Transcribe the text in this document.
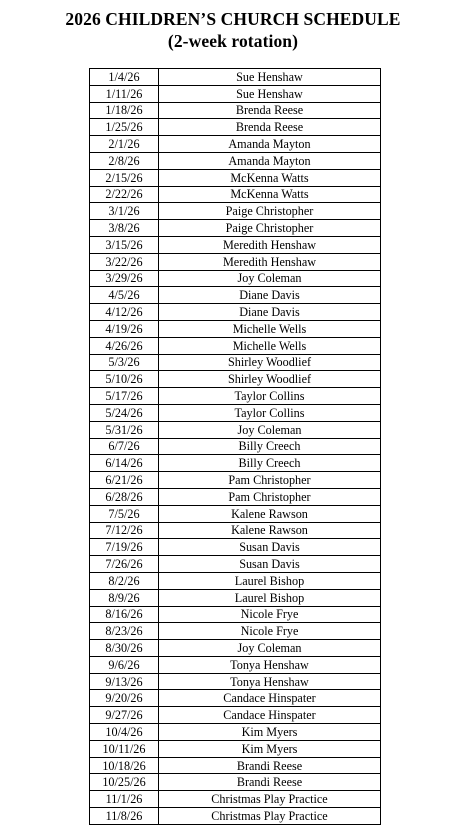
2026 CHILDREN’S CHURCH SCHEDULE
(2-week rotation)
1/4/26	Sue Henshaw
1/11/26	Sue Henshaw
1/18/26	Brenda Reese
1/25/26	Brenda Reese
2/1/26	Amanda Mayton
2/8/26	Amanda Mayton
2/15/26	McKenna Watts
2/22/26	McKenna Watts
3/1/26	Paige Christopher
3/8/26	Paige Christopher
3/15/26	Meredith Henshaw
3/22/26	Meredith Henshaw
3/29/26	Joy Coleman
4/5/26	Diane Davis
4/12/26	Diane Davis
4/19/26	Michelle Wells
4/26/26	Michelle Wells
5/3/26	Shirley Woodlief
5/10/26	Shirley Woodlief
5/17/26	Taylor Collins
5/24/26	Taylor Collins
5/31/26	Joy Coleman
6/7/26	Billy Creech
6/14/26	Billy Creech
6/21/26	Pam Christopher
6/28/26	Pam Christopher
7/5/26	Kalene Rawson
7/12/26	Kalene Rawson
7/19/26	Susan Davis
7/26/26	Susan Davis
8/2/26	Laurel Bishop
8/9/26	Laurel Bishop
8/16/26	Nicole Frye
8/23/26	Nicole Frye
8/30/26	Joy Coleman
9/6/26	Tonya Henshaw
9/13/26	Tonya Henshaw
9/20/26	Candace Hinspater
9/27/26	Candace Hinspater
10/4/26	Kim Myers
10/11/26	Kim Myers
10/18/26	Brandi Reese
10/25/26	Brandi Reese
11/1/26	Christmas Play Practice
11/8/26	Christmas Play Practice
